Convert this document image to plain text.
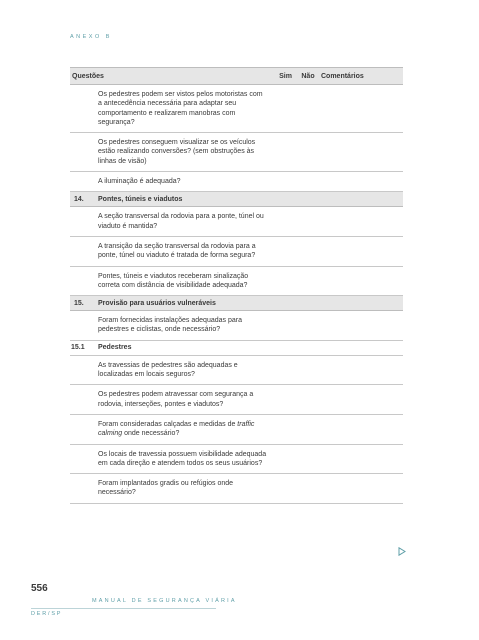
ANEXO B
Questões	Sim	Não Comentários
Os pedestres podem ser vistos pelos motoristas com a antecedência necessária para adaptar seu comportamento e realizarem manobras com segurança?
Os pedestres conseguem visualizar se os veículos estão realizando conversões? (sem obstruções às linhas de visão)
A iluminação é adequada?
14.	Pontes, túneis e viadutos
A seção transversal da rodovia para a ponte, túnel ou viaduto é mantida?
A transição da seção transversal da rodovia para a ponte, túnel ou viaduto é tratada de forma segura?
Pontes, túneis e viadutos receberam sinalização correta com distância de visibilidade adequada?
15.	Provisão para usuários vulneráveis
Foram fornecidas instalações adequadas para pedestres e ciclistas, onde necessário?
15.1	Pedestres
As travessias de pedestres são adequadas e localizadas em locais seguros?
Os pedestres podem atravessar com segurança a rodovia, interseções, pontes e viadutos?
Foram consideradas calçadas e medidas de traffic calming onde necessário?
Os locais de travessia possuem visibilidade adequada em cada direção e atendem todos os seus usuários?
Foram implantados gradis ou refúgios onde necessário?
556
MANUAL DE SEGURANÇA VIÁRIA
DER/SP
